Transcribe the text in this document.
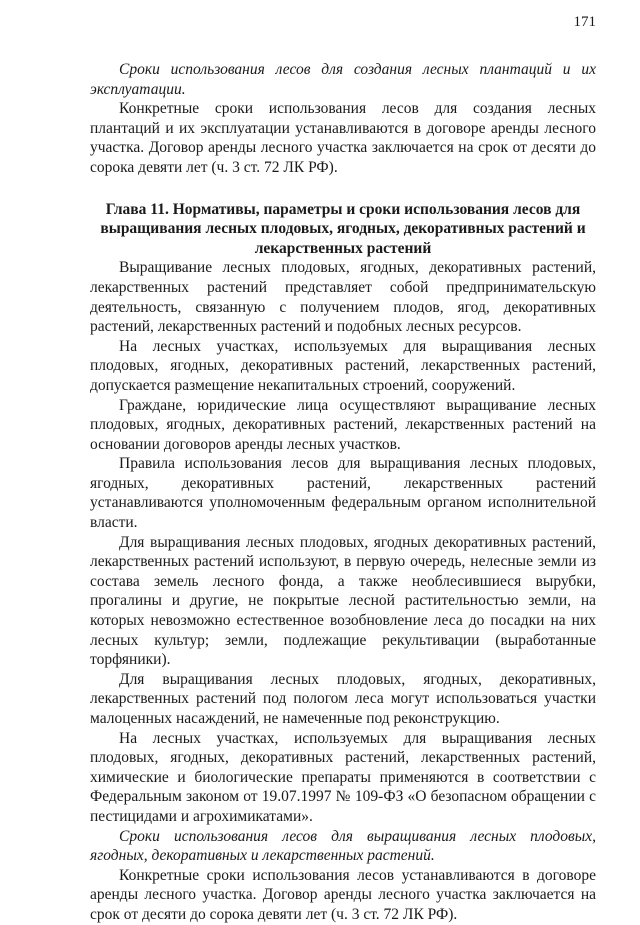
171

Сроки использования лесов для создания лесных плантаций и их эксплуатации.

Конкретные сроки использования лесов для создания лесных плантаций и их эксплуатации устанавливаются в договоре аренды лесного участка. Договор аренды лесного участка заключается на срок от десяти до сорока девяти лет (ч. 3 ст. 72 ЛК РФ).

Глава 11. Нормативы, параметры и сроки использования лесов для выращивания лесных плодовых, ягодных, декоративных растений и лекарственных растений

Выращивание лесных плодовых, ягодных, декоративных растений, лекарственных растений представляет собой предпринимательскую деятельность, связанную с получением плодов, ягод, декоративных растений, лекарственных растений и подобных лесных ресурсов.

На лесных участках, используемых для выращивания лесных плодовых, ягодных, декоративных растений, лекарственных растений, допускается размещение некапитальных строений, сооружений.

Граждане, юридические лица осуществляют выращивание лесных плодовых, ягодных, декоративных растений, лекарственных растений на основании договоров аренды лесных участков.

Правила использования лесов для выращивания лесных плодовых, ягодных, декоративных растений, лекарственных растений устанавливаются уполномоченным федеральным органом исполнительной власти.

Для выращивания лесных плодовых, ягодных декоративных растений, лекарственных растений используют, в первую очередь, нелесные земли из состава земель лесного фонда, а также необлесившиеся вырубки, прогалины и другие, не покрытые лесной растительностью земли, на которых невозможно естественное возобновление леса до посадки на них лесных культур; земли, подлежащие рекультивации (выработанные торфяники).

Для выращивания лесных плодовых, ягодных, декоративных, лекарственных растений под пологом леса могут использоваться участки малоценных насаждений, не намеченные под реконструкцию.

На лесных участках, используемых для выращивания лесных плодовых, ягодных, декоративных растений, лекарственных растений, химические и биологические препараты применяются в соответствии с Федеральным законом от 19.07.1997 № 109-ФЗ «О безопасном обращении с пестицидами и агрохимикатами».

Сроки использования лесов для выращивания лесных плодовых, ягодных, декоративных и лекарственных растений.

Конкретные сроки использования лесов устанавливаются в договоре аренды лесного участка. Договор аренды лесного участка заключается на срок от десяти до сорока девяти лет (ч. 3 ст. 72 ЛК РФ).
